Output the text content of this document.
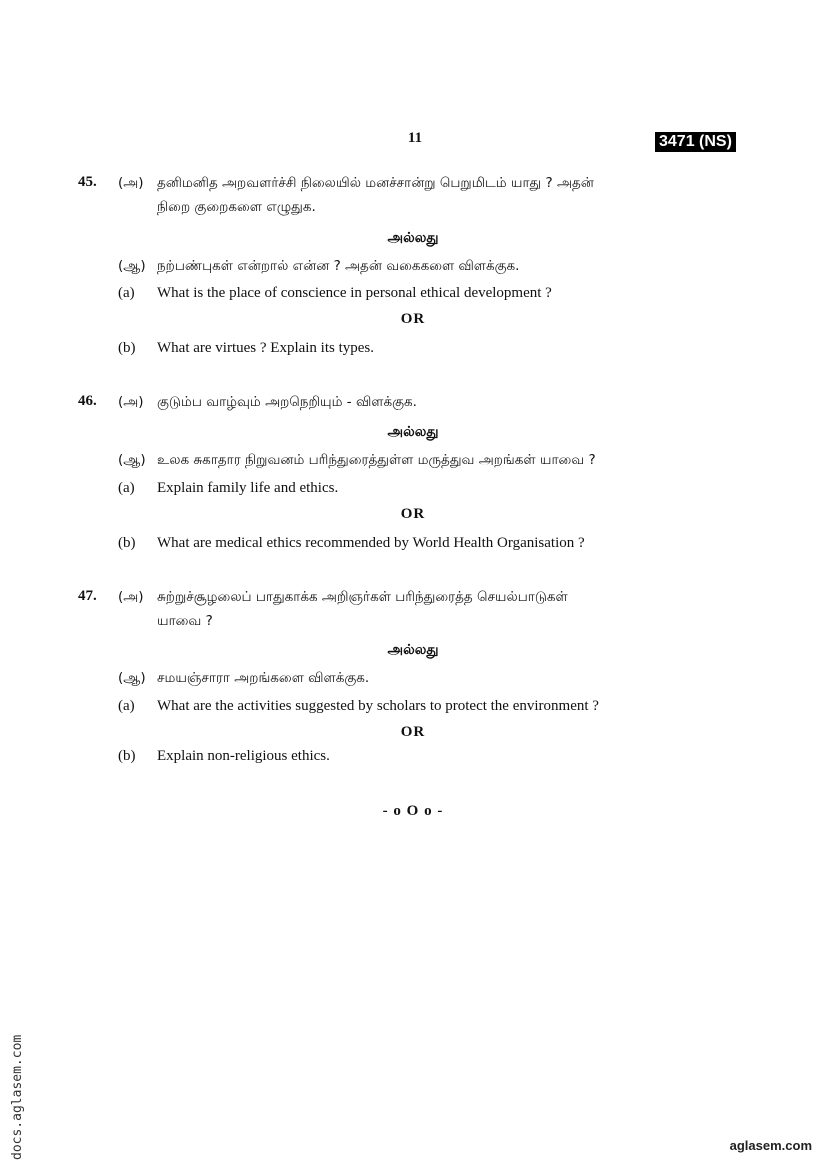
11	3471 (NS)
45. (அ) தனிமனித அறவளர்ச்சி நிலையில் மனச்சான்று பெறுமிடம் யாது ? அதன்
நிறை குறைகளை எழுதுக.
அல்லது
(ஆ) நற்பண்புகள் என்றால் என்ன ? அதன் வகைகளை விளக்குக.
(a) What is the place of conscience in personal ethical development ?
OR
(b) What are virtues ? Explain its types.
46. (அ) குடும்ப வாழ்வும் அறநெறியும் - விளக்குக.
அல்லது
(ஆ) உலக சுகாதார நிறுவனம் பரிந்துரைத்துள்ள மருத்துவ அறங்கள் யாவை ?
(a) Explain family life and ethics.
OR
(b) What are medical ethics recommended by World Health Organisation ?
47. (அ) சுற்றுச்சூழலைப் பாதுகாக்க அறிஞர்கள் பரிந்துரைத்த செயல்பாடுகள்
யாவை ?
அல்லது
(ஆ) சமயஞ்சாரா அறங்களை விளக்குக.
(a) What are the activities suggested by scholars to protect the environment ?
OR
(b) Explain non-religious ethics.
- o O o -
docs.aglasem.com	aglasem.com
